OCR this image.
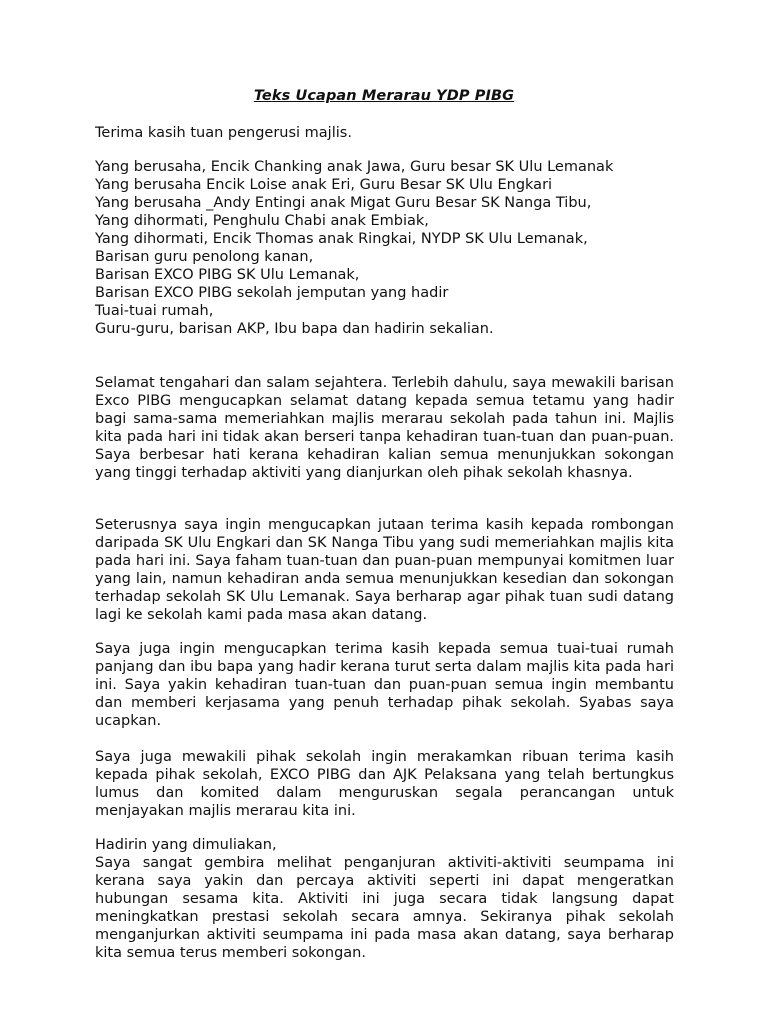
Teks Ucapan Merarau YDP PIBG
Terima kasih tuan pengerusi majlis.
Yang berusaha, Encik Chanking anak Jawa, Guru besar SK Ulu Lemanak
Yang berusaha Encik Loise anak Eri, Guru Besar SK Ulu Engkari
Yang berusaha _Andy Entingi anak Migat Guru Besar SK Nanga Tibu,
Yang dihormati, Penghulu Chabi anak Embiak,
Yang dihormati, Encik Thomas anak Ringkai, NYDP SK Ulu Lemanak,
Barisan guru penolong kanan,
Barisan EXCO PIBG SK Ulu Lemanak,
Barisan EXCO PIBG sekolah jemputan yang hadir
Tuai-tuai rumah,
Guru-guru, barisan AKP, Ibu bapa dan hadirin sekalian.
Selamat tengahari dan salam sejahtera. Terlebih dahulu, saya mewakili barisan Exco PIBG mengucapkan selamat datang kepada semua tetamu yang hadir bagi sama-sama memeriahkan majlis merarau sekolah pada tahun ini. Majlis kita pada hari ini tidak akan berseri tanpa kehadiran tuan-tuan dan puan-puan. Saya berbesar hati kerana kehadiran kalian semua menunjukkan sokongan yang tinggi terhadap aktiviti yang dianjurkan oleh pihak sekolah khasnya.
Seterusnya saya ingin mengucapkan jutaan terima kasih kepada rombongan daripada SK Ulu Engkari dan SK Nanga Tibu yang sudi memeriahkan majlis kita pada hari ini. Saya faham tuan-tuan dan puan-puan mempunyai komitmen luar yang lain, namun kehadiran anda semua menunjukkan kesedian dan sokongan terhadap sekolah SK Ulu Lemanak. Saya berharap agar pihak tuan sudi datang lagi ke sekolah kami pada masa akan datang.
Saya juga ingin mengucapkan terima kasih kepada semua tuai-tuai rumah panjang dan ibu bapa yang hadir kerana turut serta dalam majlis kita pada hari ini. Saya yakin kehadiran tuan-tuan dan puan-puan semua ingin membantu dan memberi kerjasama yang penuh terhadap pihak sekolah. Syabas saya ucapkan.
Saya juga mewakili pihak sekolah ingin merakamkan ribuan terima kasih kepada pihak sekolah, EXCO PIBG dan AJK Pelaksana yang telah bertungkus lumus dan komited dalam menguruskan segala perancangan untuk menjayakan majlis merarau kita ini.
Hadirin yang dimuliakan,
Saya sangat gembira melihat penganjuran aktiviti-aktiviti seumpama ini kerana saya yakin dan percaya aktiviti seperti ini dapat mengeratkan hubungan sesama kita. Aktiviti ini juga secara tidak langsung dapat meningkatkan prestasi sekolah secara amnya. Sekiranya pihak sekolah menganjurkan aktiviti seumpama ini pada masa akan datang, saya berharap kita semua terus memberi sokongan.
